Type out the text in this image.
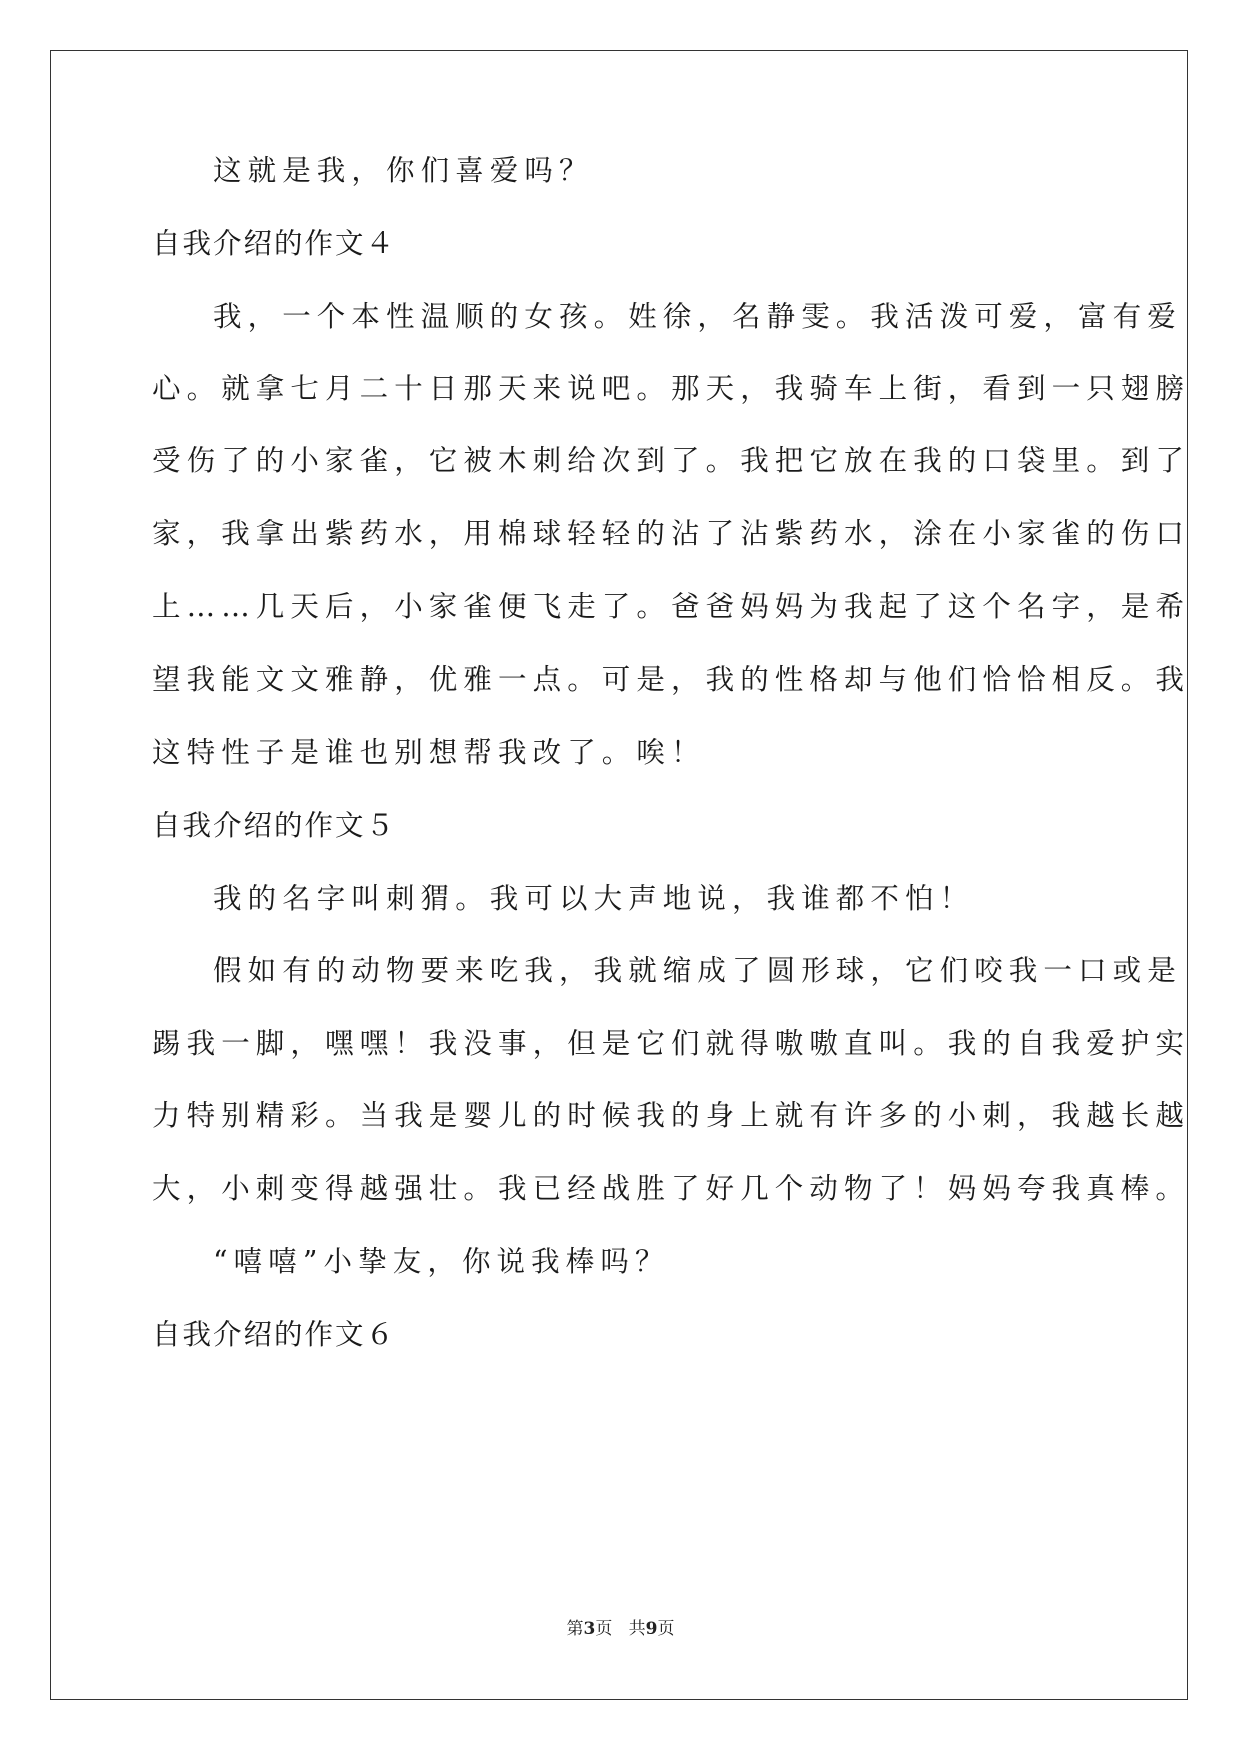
这就是我，你们喜爱吗？
自我介绍的作文４
我，一个本性温顺的女孩。姓徐，名静雯。我活泼可爱，富有爱
心。就拿七月二十日那天来说吧。那天，我骑车上街，看到一只翅膀
受伤了的小家雀，它被木刺给次到了。我把它放在我的口袋里。到了
家，我拿出紫药水，用棉球轻轻的沾了沾紫药水，涂在小家雀的伤口
上……几天后，小家雀便飞走了。爸爸妈妈为我起了这个名字，是希
望我能文文雅静，优雅一点。可是，我的性格却与他们恰恰相反。我
这特性子是谁也别想帮我改了。唉！
自我介绍的作文５
我的名字叫刺猬。我可以大声地说，我谁都不怕！
假如有的动物要来吃我，我就缩成了圆形球，它们咬我一口或是
踢我一脚，嘿嘿！我没事，但是它们就得嗷嗷直叫。我的自我爱护实
力特别精彩。当我是婴儿的时候我的身上就有许多的小刺，我越长越
大，小刺变得越强壮。我已经战胜了好几个动物了！妈妈夸我真棒。
“嘻嘻”小挚友，你说我棒吗？
自我介绍的作文６
第3页   共9页
